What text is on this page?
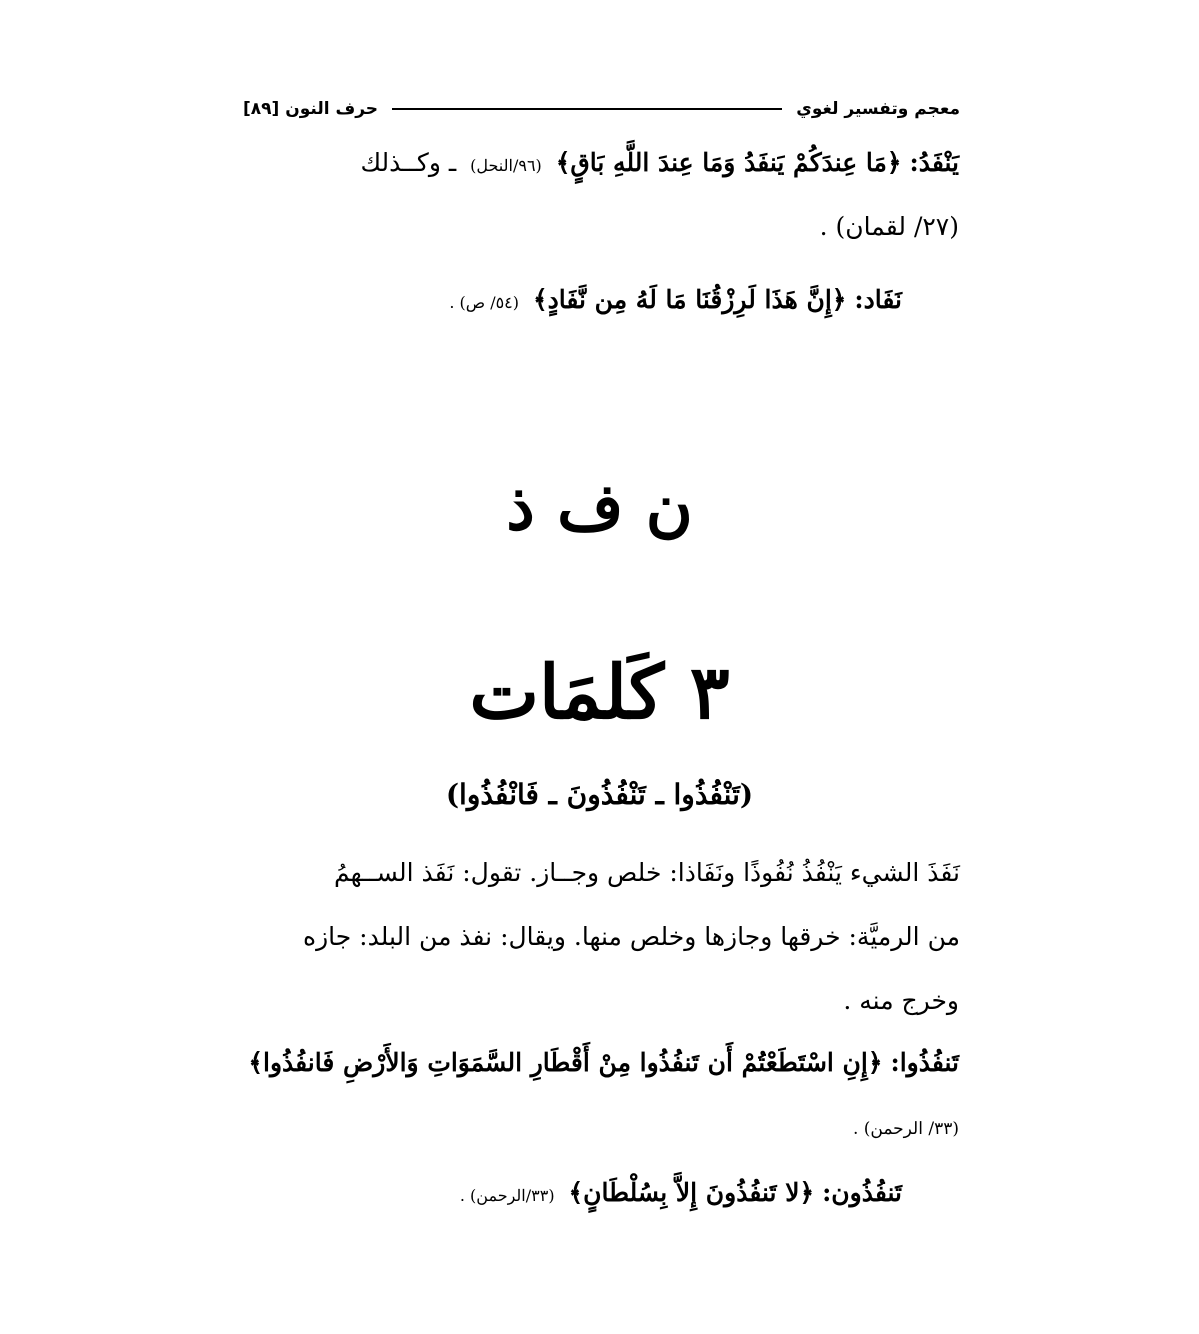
معجم وتفسير لغوي
حرف النون [٨٩]
يَنْفَدُ: ﴿مَا عِندَكُمْ يَنفَدُ وَمَا عِندَ اللَّهِ بَاقٍ﴾ (٩٦/النحل) ـ وكــذلك
(٢٧/ لقمان) .
نَفَاد: ﴿إِنَّ هَذَا لَرِزْقُنَا مَا لَهُ مِن نَّفَادٍ﴾ (٥٤/ ص) .
ن ف ذ
٣ كَلمَات
(تَنْفُذُوا ـ تَنْفُذُونَ ـ فَانْفُذُوا)
نَفَذَ الشيء يَنْفُذُ نُفُوذًا ونَفَاذا: خلص وجــاز. تقول: نَفَذ الســهمُ
من الرميَّة: خرقها وجازها وخلص منها. ويقال: نفذ من البلد: جازه
وخرج منه .
تَنفُذُوا: ﴿إِنِ اسْتَطَعْتُمْ أَن تَنفُذُوا مِنْ أَقْطَارِ السَّمَوَاتِ وَالأَرْضِ فَانفُذُوا﴾
(٣٣/ الرحمن) .
تَنفُذُون: ﴿لا تَنفُذُونَ إِلاَّ بِسُلْطَانٍ﴾ (٣٣/الرحمن) .
